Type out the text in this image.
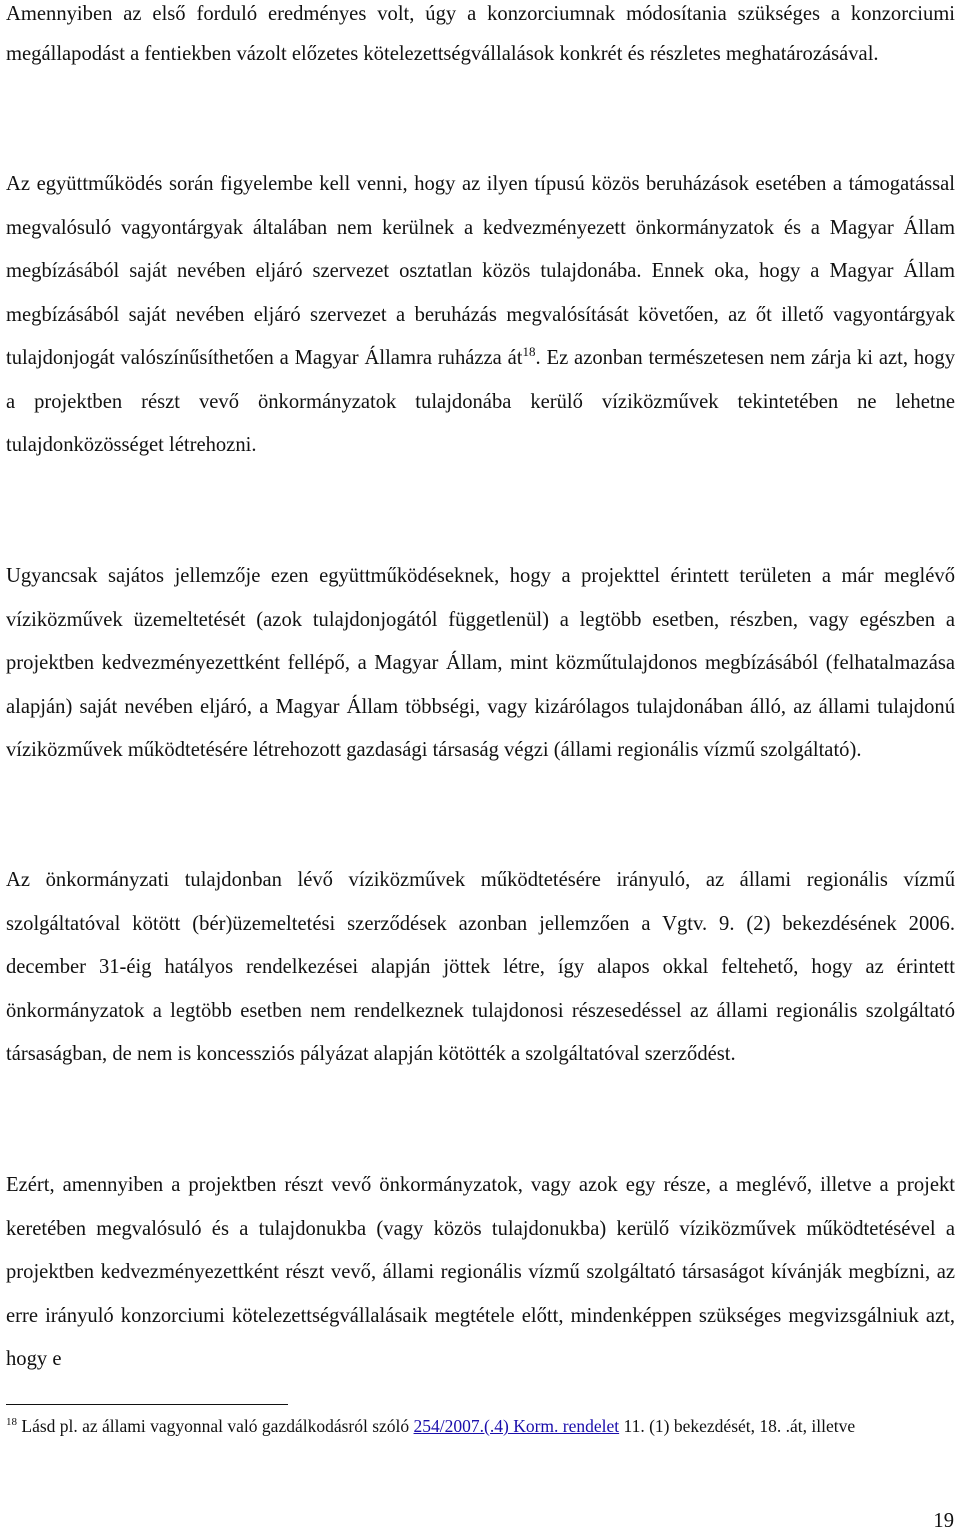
Amennyiben az első forduló eredményes volt, úgy a konzorciumnak módosítania szükséges a konzorciumi megállapodást a fentiekben vázolt előzetes kötelezettségvállalások konkrét és részletes meghatározásával.

Az együttműködés során figyelembe kell venni, hogy az ilyen típusú közös beruházások esetében a támogatással megvalósuló vagyontárgyak általában nem kerülnek a kedvezményezett önkormányzatok és a Magyar Állam megbízásából saját nevében eljáró szervezet osztatlan közös tulajdonába. Ennek oka, hogy a Magyar Állam megbízásából saját nevében eljáró szervezet a beruházás megvalósítását követően, az őt illető vagyontárgyak tulajdonjogát valószínűsíthetően a Magyar Államra ruházza $át^{18}$. Ez azonban természetesen nem zárja ki azt, hogy a projektben részt vevő önkormányzatok tulajdonába kerülő víziközművek tekintetében ne lehetne tulajdonközösséget létrehozni.

Ugyancsak sajátos jellemzője ezen együttműködéseknek, hogy a projekttel érintett területen a már meglévő víziközművek üzemeltetését (azok tulajdonjogától függetlenül) a legtöbb esetben, részben, vagy egészben a projektben kedvezményezettként fellépő, a Magyar Állam, mint közműtulajdonos megbízásából (felhatalmazása alapján) saját nevében eljáró, a Magyar Állam többségi, vagy kizárólagos tulajdonában álló, az állami tulajdonú víziközművek működtetésére létrehozott gazdasági társaság végzi (állami regionális vízmű szolgáltató).

Az önkormányzati tulajdonban lévő víziközművek működtetésére irányuló, az állami regionális vízmű szolgáltatóval kötött (bér)üzemeltetési szerződések azonban jellemzően a Vgtv. 9. (2) bekezdésének 2006. december 31-éig hatályos rendelkezései alapján jöttek létre, így alapos okkal feltehető, hogy az érintett önkormányzatok a legtöbb esetben nem rendelkeznek tulajdonosi részesedéssel az állami regionális szolgáltató társaságban, de nem is koncessziós pályázat alapján kötötték a szolgáltatóval szerződést.

Ezért, amennyiben a projektben részt vevő önkormányzatok, vagy azok egy része, a meglévő, illetve a projekt keretében megvalósuló és a tulajdonukba (vagy közös tulajdonukba) kerülő víziközművek működtetésével a projektben kedvezményezettként részt vevő, állami regionális vízmű szolgáltató társaságot kívánják megbízni, az erre irányuló konzorciumi kötelezettségvállalásaik megtétele előtt, mindenképpen szükséges megvizsgálniuk azt, hogy e

$^{18}$ Lásd pl. az állami vagyonnal való gazdálkodásról szóló 254/2007.(.4) Korm. rendelet 11. (1) bekezdését, 18. .át, illetve

19
